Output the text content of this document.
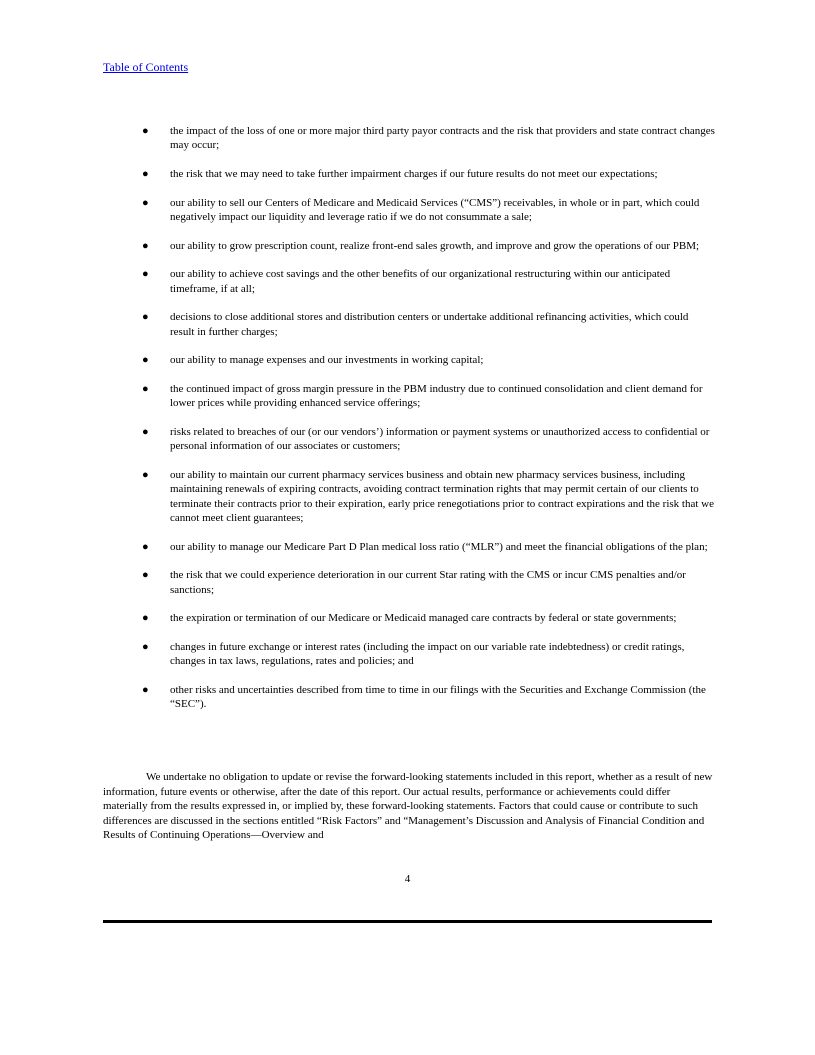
Table of Contents
● the impact of the loss of one or more major third party payor contracts and the risk that providers and state contract changes may occur;
● the risk that we may need to take further impairment charges if our future results do not meet our expectations;
● our ability to sell our Centers of Medicare and Medicaid Services (“CMS”) receivables, in whole or in part, which could negatively impact our liquidity and leverage ratio if we do not consummate a sale;
● our ability to grow prescription count, realize front-end sales growth, and improve and grow the operations of our PBM;
● our ability to achieve cost savings and the other benefits of our organizational restructuring within our anticipated timeframe, if at all;
● decisions to close additional stores and distribution centers or undertake additional refinancing activities, which could result in further charges;
● our ability to manage expenses and our investments in working capital;
● the continued impact of gross margin pressure in the PBM industry due to continued consolidation and client demand for lower prices while providing enhanced service offerings;
● risks related to breaches of our (or our vendors’) information or payment systems or unauthorized access to confidential or personal information of our associates or customers;
● our ability to maintain our current pharmacy services business and obtain new pharmacy services business, including maintaining renewals of expiring contracts, avoiding contract termination rights that may permit certain of our clients to terminate their contracts prior to their expiration, early price renegotiations prior to contract expirations and the risk that we cannot meet client guarantees;
● our ability to manage our Medicare Part D Plan medical loss ratio (“MLR”) and meet the financial obligations of the plan;
● the risk that we could experience deterioration in our current Star rating with the CMS or incur CMS penalties and/or sanctions;
● the expiration or termination of our Medicare or Medicaid managed care contracts by federal or state governments;
● changes in future exchange or interest rates (including the impact on our variable rate indebtedness) or credit ratings, changes in tax laws, regulations, rates and policies; and
● other risks and uncertainties described from time to time in our filings with the Securities and Exchange Commission (the “SEC”).

We undertake no obligation to update or revise the forward-looking statements included in this report, whether as a result of new information, future events or otherwise, after the date of this report. Our actual results, performance or achievements could differ materially from the results expressed in, or implied by, these forward-looking statements. Factors that could cause or contribute to such differences are discussed in the sections entitled “Risk Factors” and “Management’s Discussion and Analysis of Financial Condition and Results of Continuing Operations—Overview and

4
